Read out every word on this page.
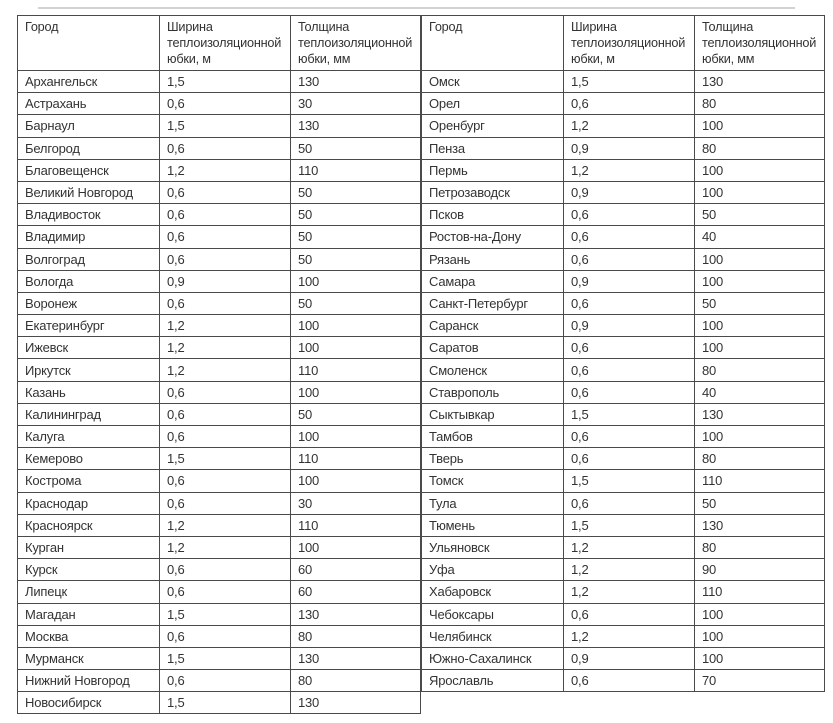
Город	Ширина теплоизоляционной юбки, м	Толщина теплоизоляционной юбки, мм
Архангельск	1,5	130
Астрахань	0,6	30
Барнаул	1,5	130
Белгород	0,6	50
Благовещенск	1,2	110
Великий Новгород	0,6	50
Владивосток	0,6	50
Владимир	0,6	50
Волгоград	0,6	50
Вологда	0,9	100
Воронеж	0,6	50
Екатеринбург	1,2	100
Ижевск	1,2	100
Иркутск	1,2	110
Казань	0,6	100
Калининград	0,6	50
Калуга	0,6	100
Кемерово	1,5	110
Кострома	0,6	100
Краснодар	0,6	30
Красноярск	1,2	110
Курган	1,2	100
Курск	0,6	60
Липецк	0,6	60
Магадан	1,5	130
Москва	0,6	80
Мурманск	1,5	130
Нижний Новгород	0,6	80
Новосибирск	1,5	130
Город	Ширина теплоизоляционной юбки, м	Толщина теплоизоляционной юбки, мм
Омск	1,5	130
Орел	0,6	80
Оренбург	1,2	100
Пенза	0,9	80
Пермь	1,2	100
Петрозаводск	0,9	100
Псков	0,6	50
Ростов-на-Дону	0,6	40
Рязань	0,6	100
Самара	0,9	100
Санкт-Петербург	0,6	50
Саранск	0,9	100
Саратов	0,6	100
Смоленск	0,6	80
Ставрополь	0,6	40
Сыктывкар	1,5	130
Тамбов	0,6	100
Тверь	0,6	80
Томск	1,5	110
Тула	0,6	50
Тюмень	1,5	130
Ульяновск	1,2	80
Уфа	1,2	90
Хабаровск	1,2	110
Чебоксары	0,6	100
Челябинск	1,2	100
Южно-Сахалинск	0,9	100
Ярославль	0,6	70
